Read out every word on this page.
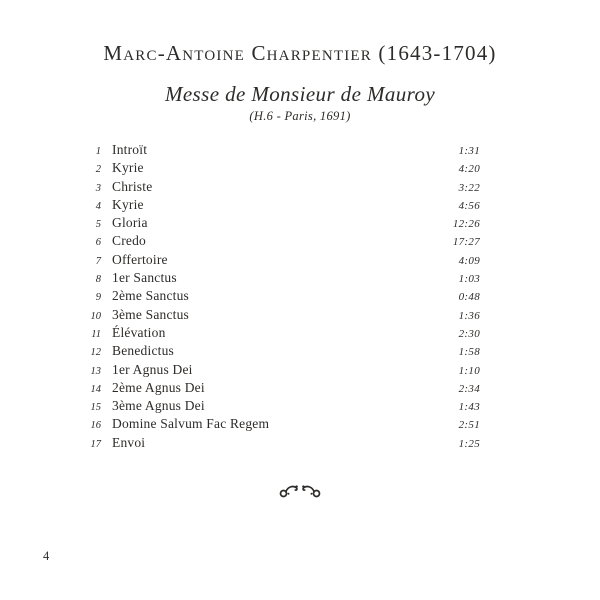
Marc-Antoine Charpentier (1643-1704)
Messe de Monsieur de Mauroy
(H.6 - Paris, 1691)
1 Introït	1:31
2 Kyrie	4:20
3 Christe	3:22
4 Kyrie	4:56
5 Gloria	12:26
6 Credo	17:27
7 Offertoire	4:09
8 1er Sanctus	1:03
9 2ème Sanctus	0:48
10 3ème Sanctus	1:36
11 Élévation	2:30
12 Benedictus	1:58
13 1er Agnus Dei	1:10
14 2ème Agnus Dei	2:34
15 3ème Agnus Dei	1:43
16 Domine Salvum Fac Regem	2:51
17 Envoi	1:25
4
